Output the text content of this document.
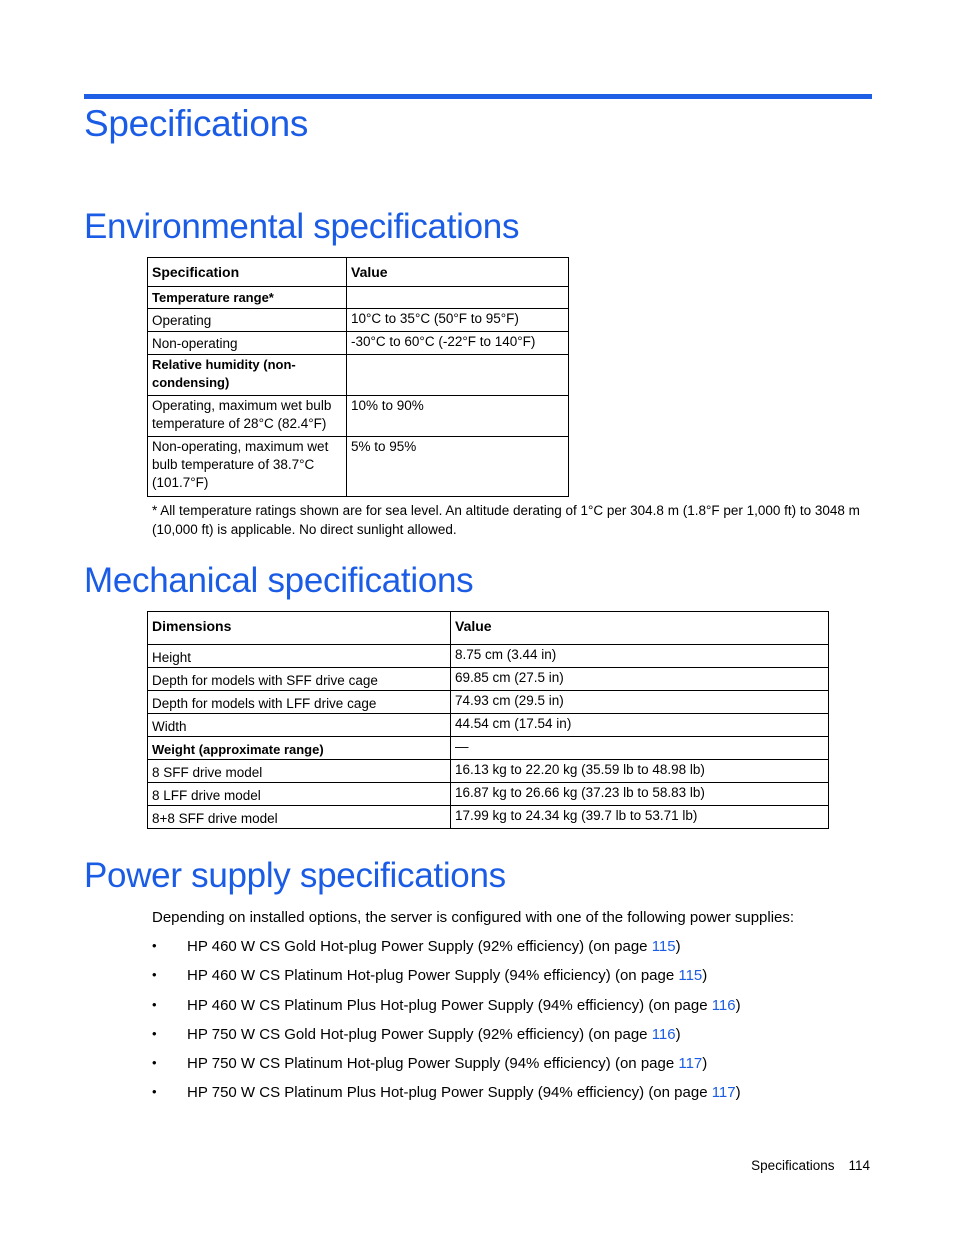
Specifications
Environmental specifications
Specification	Value
Temperature range*	
Operating	10°C to 35°C (50°F to 95°F)
Non-operating	-30°C to 60°C (-22°F to 140°F)
Relative humidity (non-condensing)	
Operating, maximum wet bulb temperature of 28°C (82.4°F)	10% to 90%
Non-operating, maximum wet bulb temperature of 38.7°C (101.7°F)	5% to 95%
* All temperature ratings shown are for sea level. An altitude derating of 1°C per 304.8 m (1.8°F per 1,000 ft) to 3048 m (10,000 ft) is applicable. No direct sunlight allowed.
Mechanical specifications
Dimensions	Value
Height	8.75 cm (3.44 in)
Depth for models with SFF drive cage	69.85 cm (27.5 in)
Depth for models with LFF drive cage	74.93 cm (29.5 in)
Width	44.54 cm (17.54 in)
Weight (approximate range)	—
8 SFF drive model	16.13 kg to 22.20 kg (35.59 lb to 48.98 lb)
8 LFF drive model	16.87 kg to 26.66 kg (37.23 lb to 58.83 lb)
8+8 SFF drive model	17.99 kg to 24.34 kg (39.7 lb to 53.71 lb)
Power supply specifications
Depending on installed options, the server is configured with one of the following power supplies:
•	HP 460 W CS Gold Hot-plug Power Supply (92% efficiency) (on page 115)
•	HP 460 W CS Platinum Hot-plug Power Supply (94% efficiency) (on page 115)
•	HP 460 W CS Platinum Plus Hot-plug Power Supply (94% efficiency) (on page 116)
•	HP 750 W CS Gold Hot-plug Power Supply (92% efficiency) (on page 116)
•	HP 750 W CS Platinum Hot-plug Power Supply (94% efficiency) (on page 117)
•	HP 750 W CS Platinum Plus Hot-plug Power Supply (94% efficiency) (on page 117)
Specifications 114
